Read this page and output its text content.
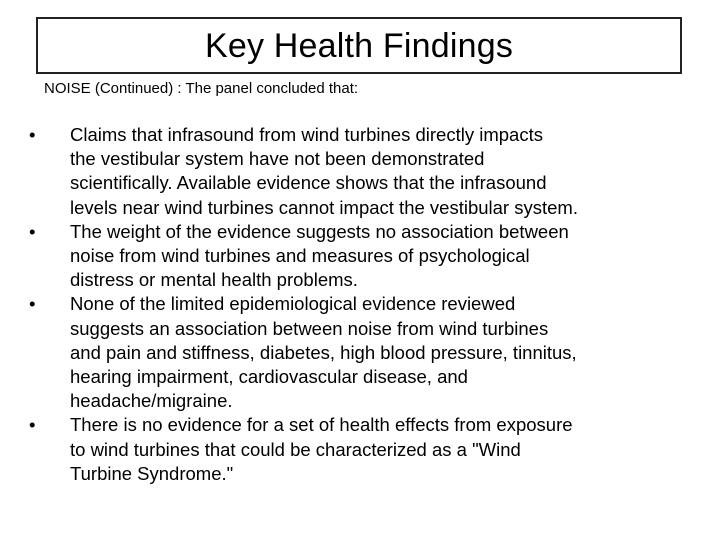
Key Health Findings
NOISE (Continued) : The panel concluded that:
•	Claims that infrasound from wind turbines directly impacts
the vestibular system have not been demonstrated
scientifically. Available evidence shows that the infrasound
levels near wind turbines cannot impact the vestibular system.
•	The weight of the evidence suggests no association between
noise from wind turbines and measures of psychological
distress or mental health problems.
•	None of the limited epidemiological evidence reviewed
suggests an association between noise from wind turbines
and pain and stiffness, diabetes, high blood pressure, tinnitus,
hearing impairment, cardiovascular disease, and
headache/migraine.
•	There is no evidence for a set of health effects from exposure
to wind turbines that could be characterized as a "Wind
Turbine Syndrome."
